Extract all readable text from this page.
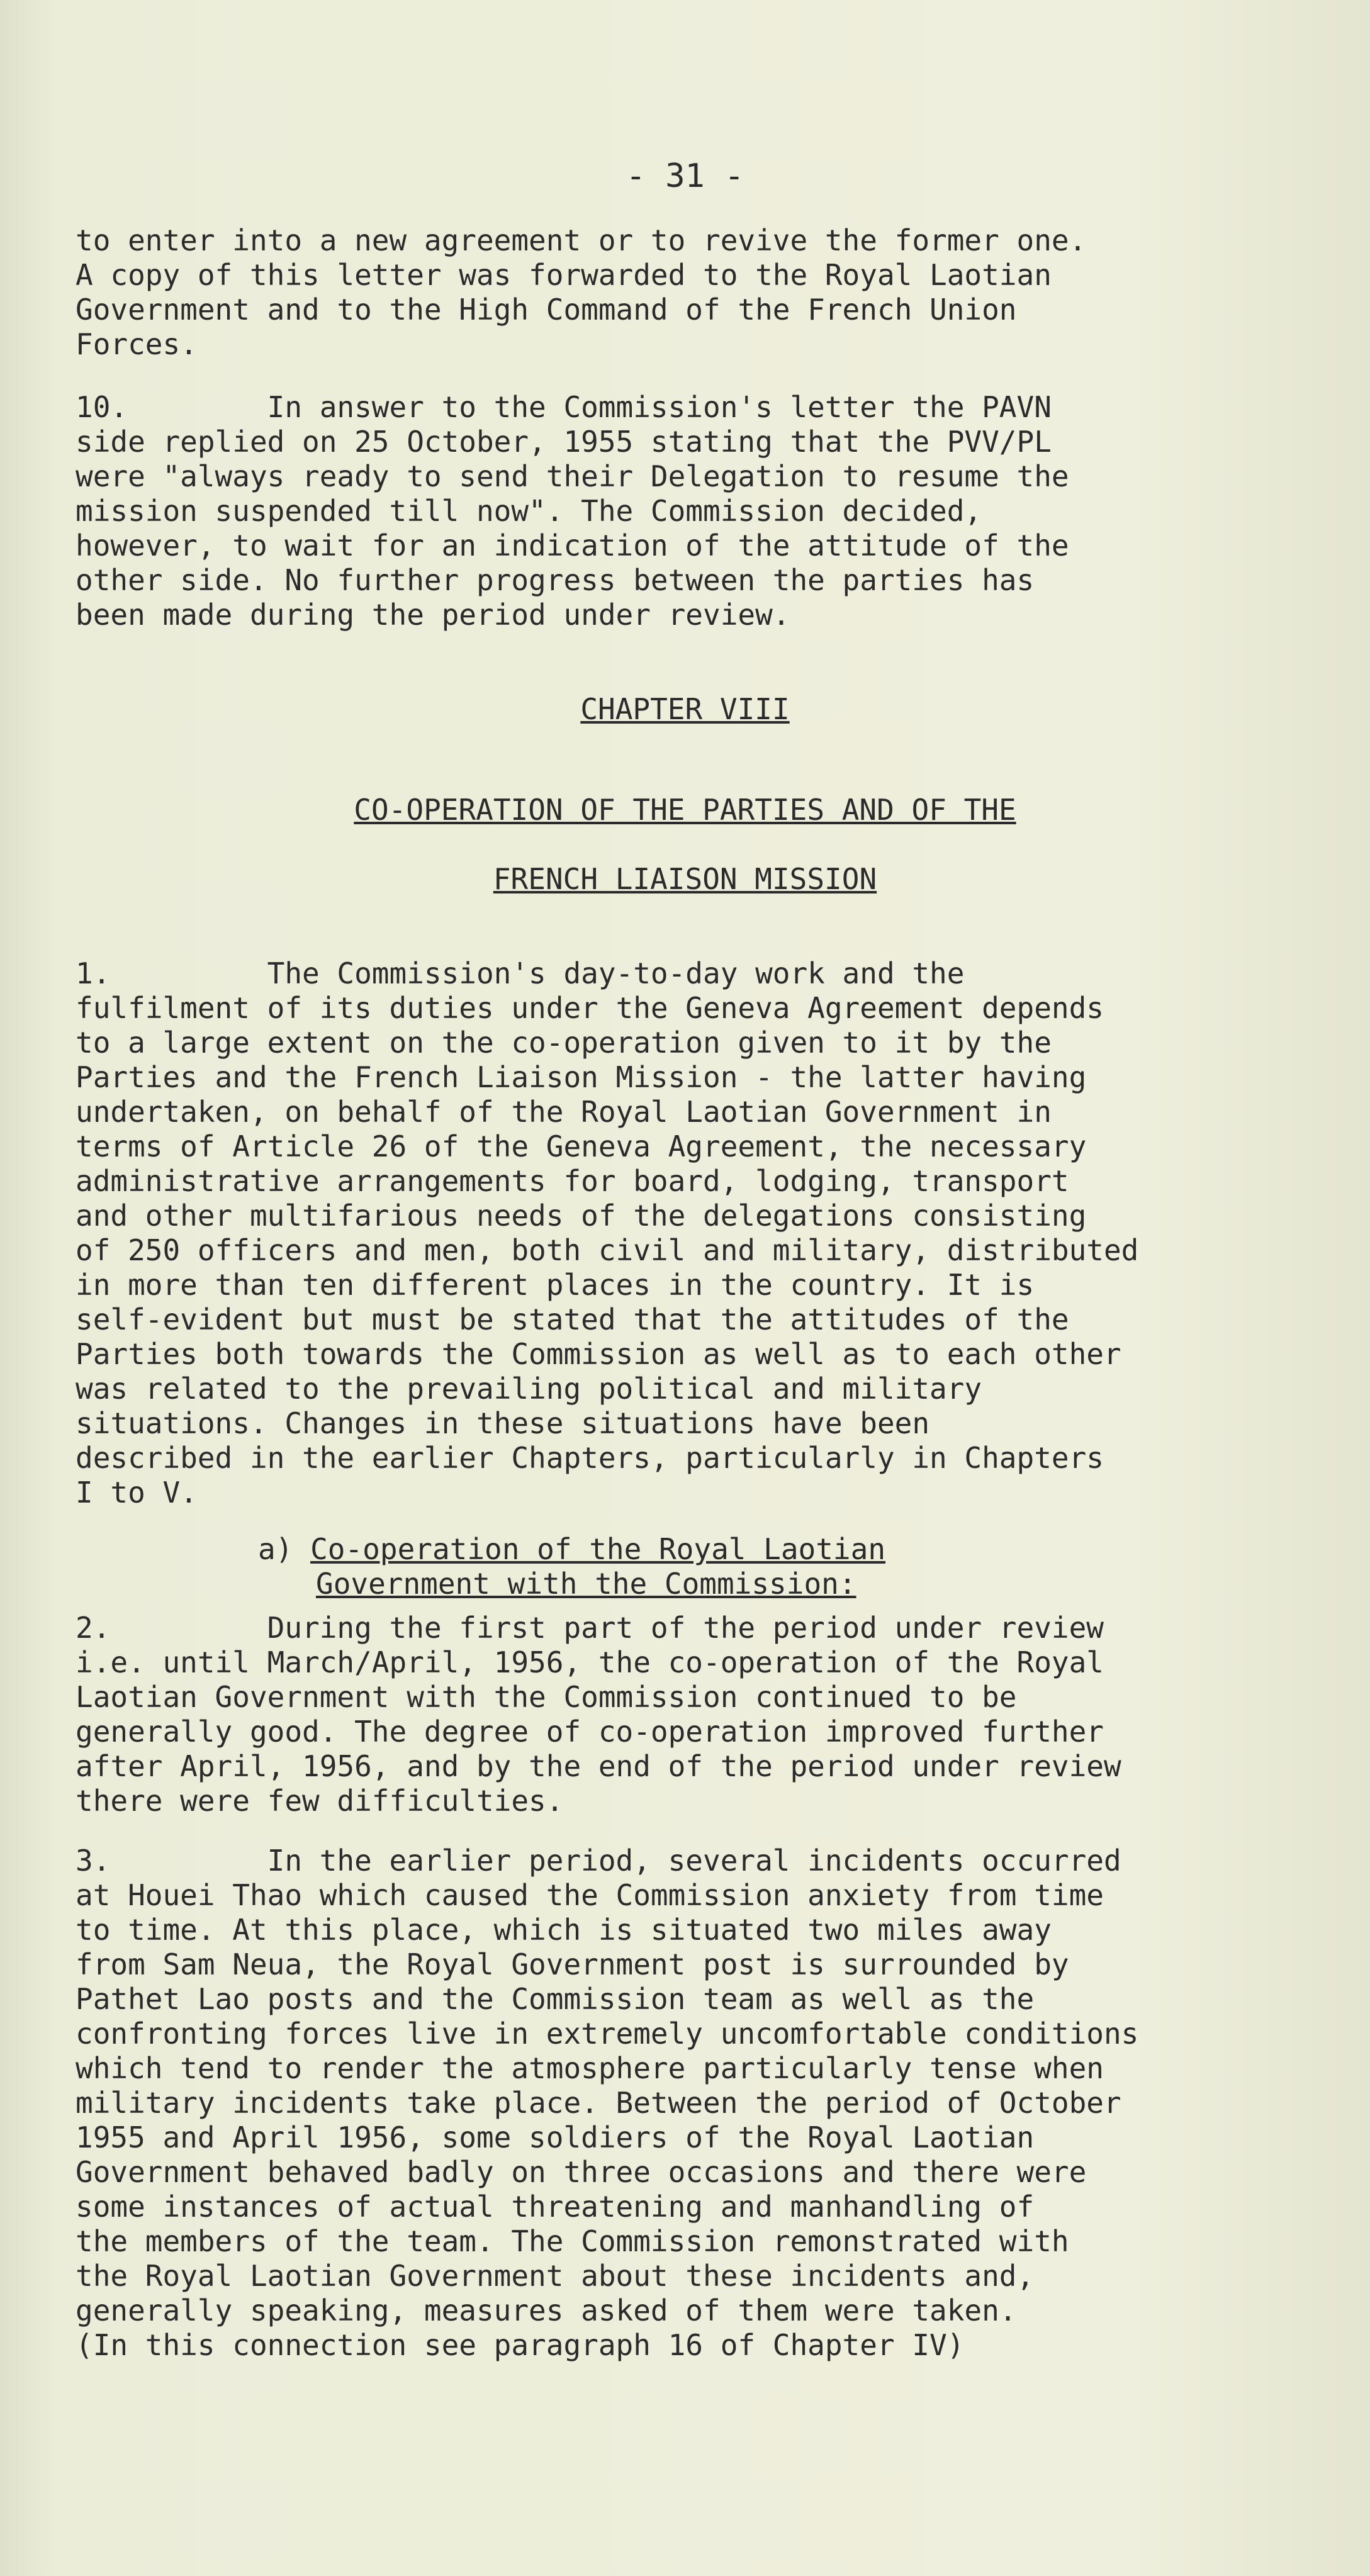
- 31 -
to enter into a new agreement or to revive the former one.
A copy of this letter was forwarded to the Royal Laotian
Government and to the High Command of the French Union
Forces.
10.        In answer to the Commission's letter the PAVN
side replied on 25 October, 1955 stating that the PVV/PL
were "always ready to send their Delegation to resume the
mission suspended till now". The Commission decided,
however, to wait for an indication of the attitude of the
other side. No further progress between the parties has
been made during the period under review.
CHAPTER VIII
CO-OPERATION OF THE PARTIES AND OF THE
FRENCH LIAISON MISSION
1.         The Commission's day-to-day work and the
fulfilment of its duties under the Geneva Agreement depends
to a large extent on the co-operation given to it by the
Parties and the French Liaison Mission - the latter having
undertaken, on behalf of the Royal Laotian Government in
terms of Article 26 of the Geneva Agreement, the necessary
administrative arrangements for board, lodging, transport
and other multifarious needs of the delegations consisting
of 250 officers and men, both civil and military, distributed
in more than ten different places in the country. It is
self-evident but must be stated that the attitudes of the
Parties both towards the Commission as well as to each other
was related to the prevailing political and military
situations. Changes in these situations have been
described in the earlier Chapters, particularly in Chapters
I to V.
a) Co-operation of the Royal Laotian
Government with the Commission:
2.         During the first part of the period under review
i.e. until March/April, 1956, the co-operation of the Royal
Laotian Government with the Commission continued to be
generally good. The degree of co-operation improved further
after April, 1956, and by the end of the period under review
there were few difficulties.
3.         In the earlier period, several incidents occurred
at Houei Thao which caused the Commission anxiety from time
to time. At this place, which is situated two miles away
from Sam Neua, the Royal Government post is surrounded by
Pathet Lao posts and the Commission team as well as the
confronting forces live in extremely uncomfortable conditions
which tend to render the atmosphere particularly tense when
military incidents take place. Between the period of October
1955 and April 1956, some soldiers of the Royal Laotian
Government behaved badly on three occasions and there were
some instances of actual threatening and manhandling of
the members of the team. The Commission remonstrated with
the Royal Laotian Government about these incidents and,
generally speaking, measures asked of them were taken.
(In this connection see paragraph 16 of Chapter IV)
